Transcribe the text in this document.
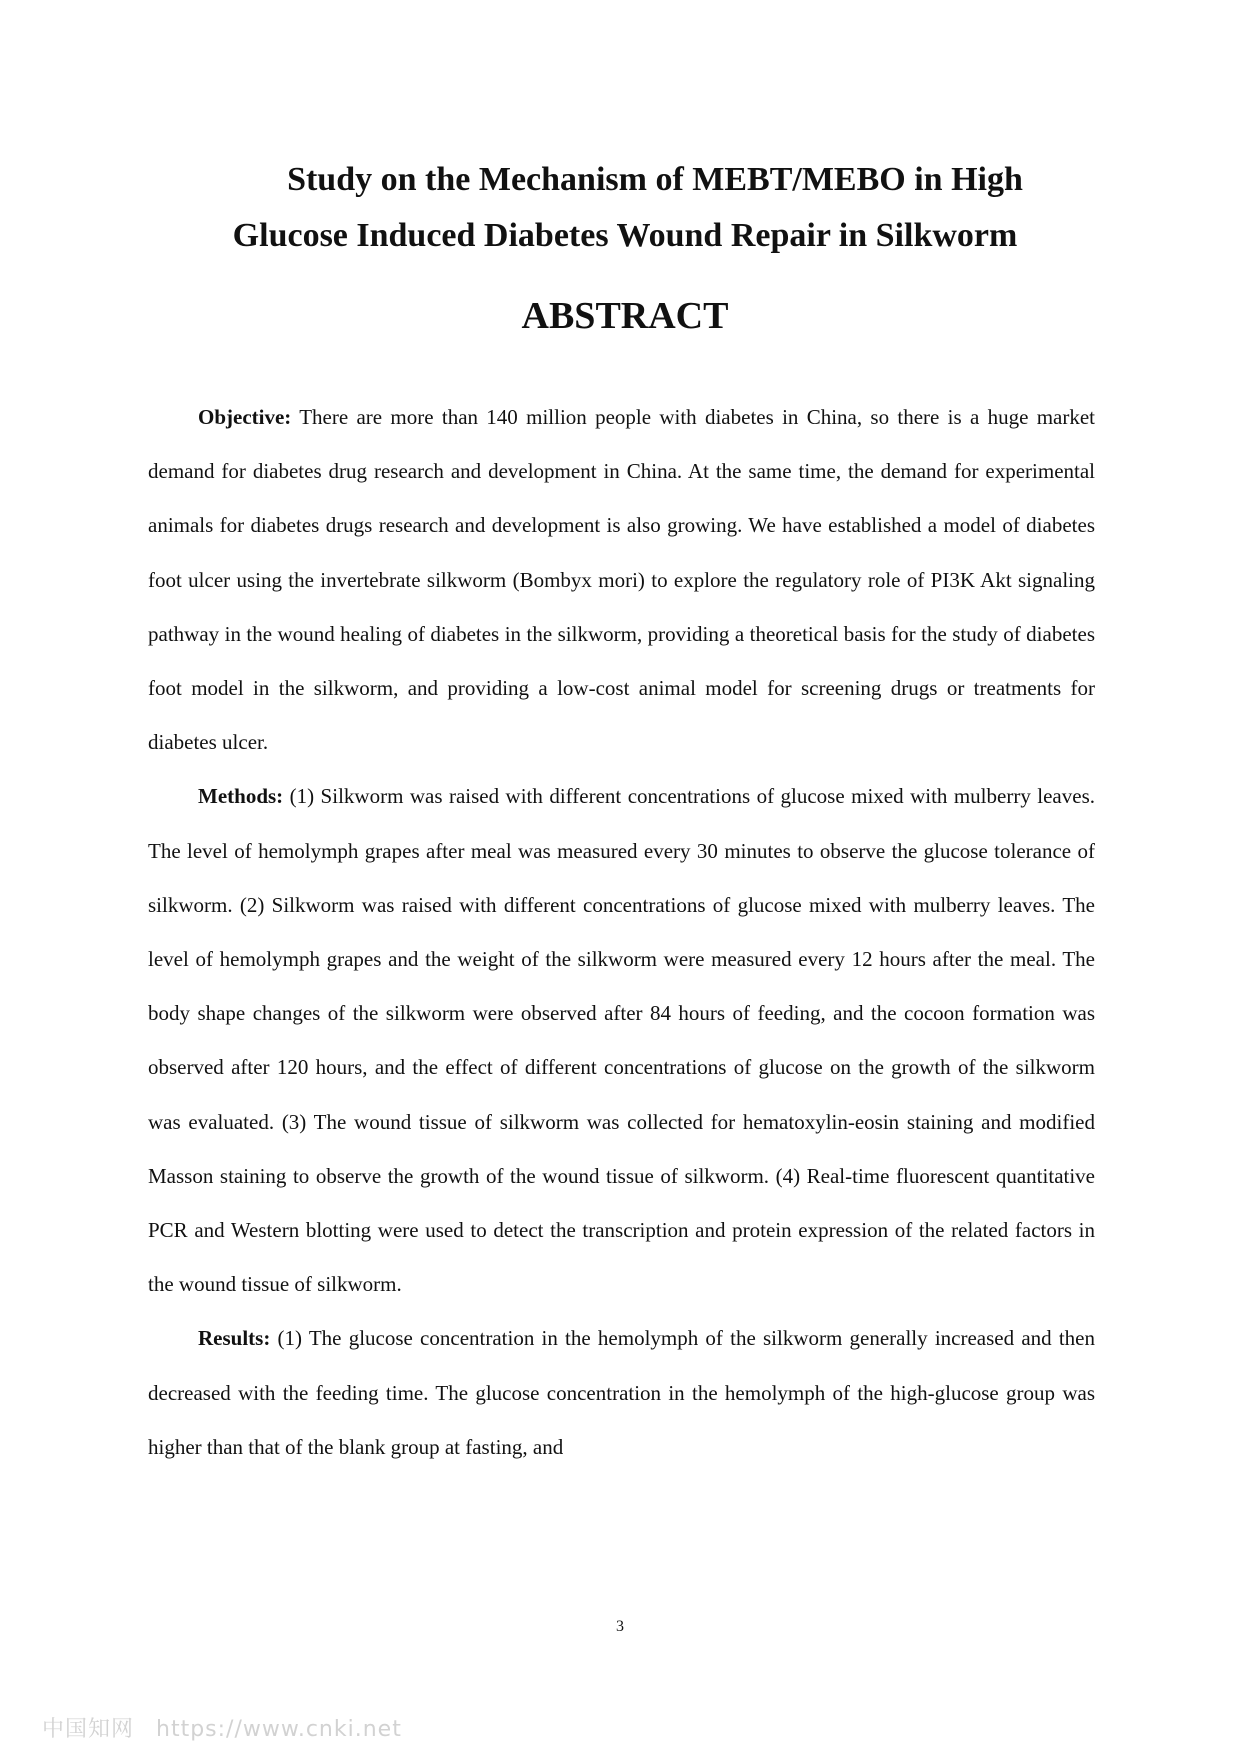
Study on the Mechanism of MEBT/MEBO in High
Glucose Induced Diabetes Wound Repair in Silkworm
ABSTRACT

Objective: There are more than 140 million people with diabetes in China, so there is a huge market demand for diabetes drug research and development in China. At the same time, the demand for experimental animals for diabetes drugs research and development is also growing. We have established a model of diabetes foot ulcer using the invertebrate silkworm (Bombyx mori) to explore the regulatory role of PI3K Akt signaling pathway in the wound healing of diabetes in the silkworm, providing a theoretical basis for the study of diabetes foot model in the silkworm, and providing a low-cost animal model for screening drugs or treatments for diabetes ulcer.

Methods: (1) Silkworm was raised with different concentrations of glucose mixed with mulberry leaves. The level of hemolymph grapes after meal was measured every 30 minutes to observe the glucose tolerance of silkworm. (2) Silkworm was raised with different concentrations of glucose mixed with mulberry leaves. The level of hemolymph grapes and the weight of the silkworm were measured every 12 hours after the meal. The body shape changes of the silkworm were observed after 84 hours of feeding, and the cocoon formation was observed after 120 hours, and the effect of different concentrations of glucose on the growth of the silkworm was evaluated. (3) The wound tissue of silkworm was collected for hematoxylin-eosin staining and modified Masson staining to observe the growth of the wound tissue of silkworm. (4) Real-time fluorescent quantitative PCR and Western blotting were used to detect the transcription and protein expression of the related factors in the wound tissue of silkworm.

Results: (1) The glucose concentration in the hemolymph of the silkworm generally increased and then decreased with the feeding time. The glucose concentration in the hemolymph of the high-glucose group was higher than that of the blank group at fasting, and

3
中国知网 https://www.cnki.net
